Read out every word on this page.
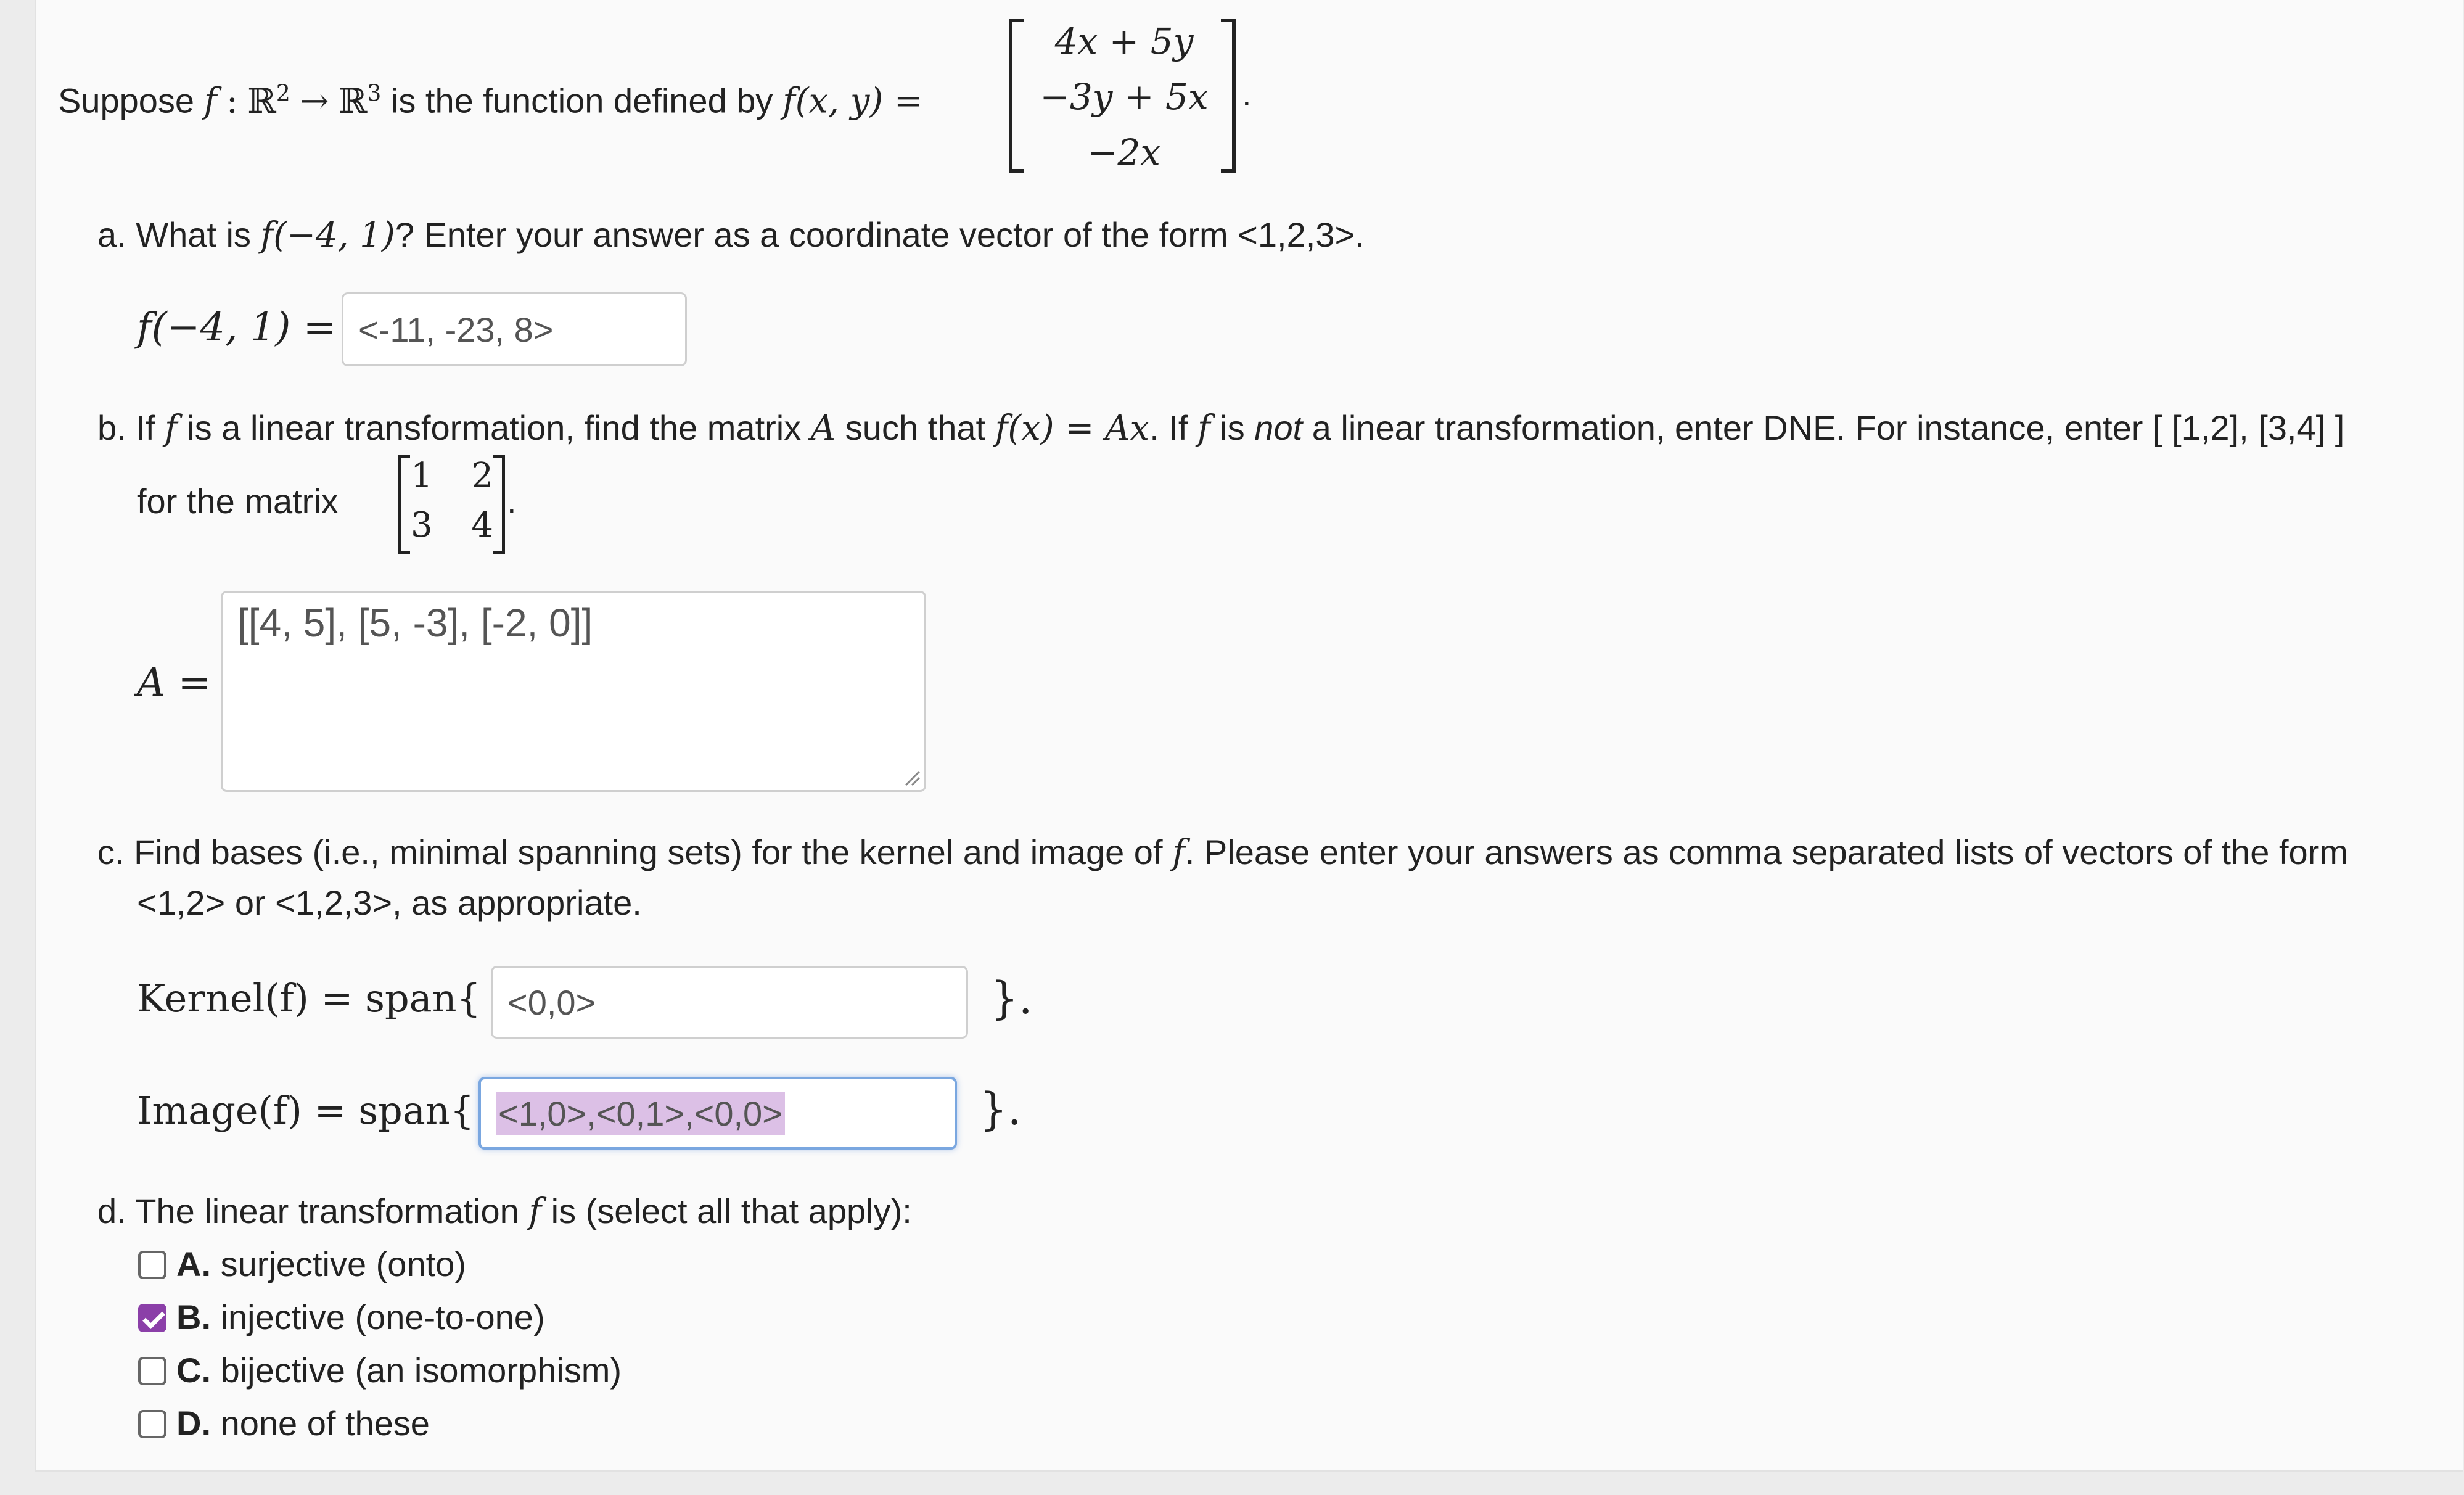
Suppose f : ℝ$^2$ → ℝ$^3$ is the function defined by f(x, y) =
4x + 5y
−3y + 5x
−2x
.
a. What is f(−4, 1)? Enter your answer as a coordinate vector of the form <1,2,3>.
f(−4, 1) = <-11, -23, 8>
b. If f is a linear transformation, find the matrix A such that f(x) = Ax. If f is not a linear transformation, enter DNE. For instance, enter [ [1,2], [3,4] ]
for the matrix
1 2
3 4
.
A =
[[4, 5], [5, -3], [-2, 0]]
c. Find bases (i.e., minimal spanning sets) for the kernel and image of f. Please enter your answers as comma separated lists of vectors of the form
<1,2> or <1,2,3>, as appropriate.
Kernel(f) = span{ <0,0>	}.
Image(f) = span{ <1,0>,<0,1>,<0,0>	}.
d. The linear transformation f is (select all that apply):
A. surjective (onto)
B. injective (one-to-one)
C. bijective (an isomorphism)
D. none of these
